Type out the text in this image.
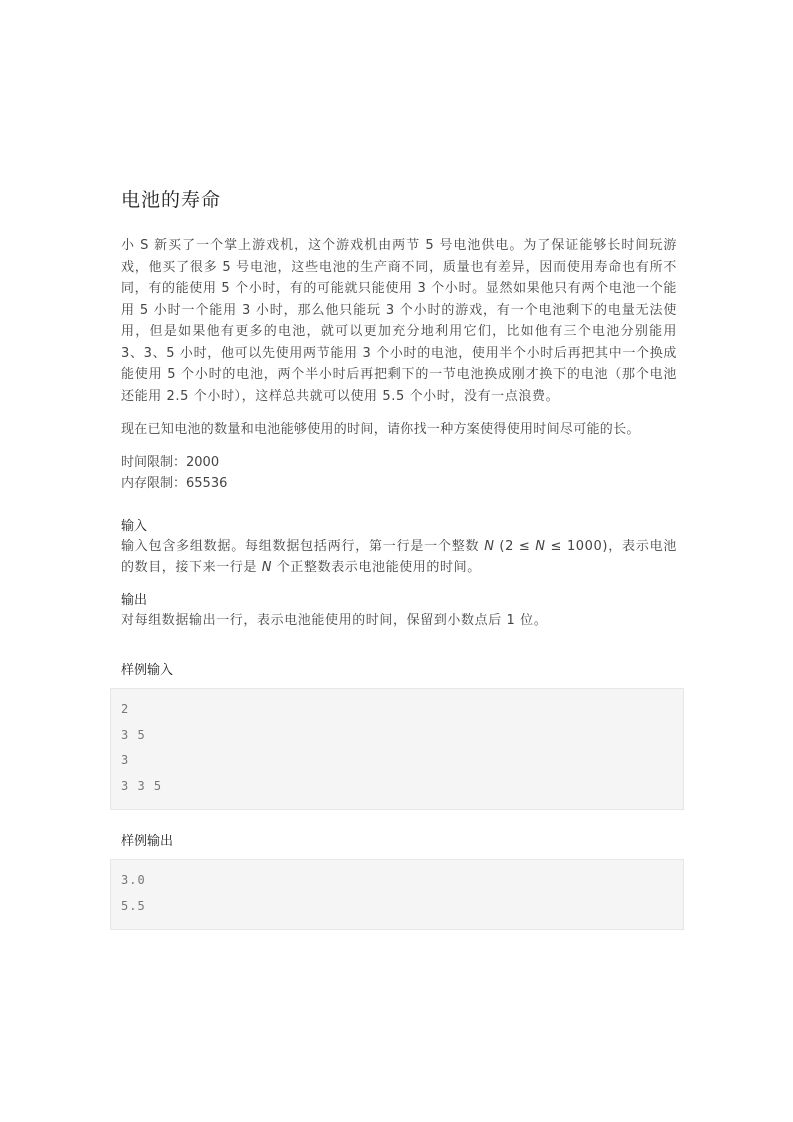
电池的寿命
小 S 新买了一个掌上游戏机，这个游戏机由两节 5 号电池供电。为了保证能够长时间玩游戏，他买了很多 5 号电池，这些电池的生产商不同，质量也有差异，因而使用寿命也有所不同，有的能使用 5 个小时，有的可能就只能使用 3 个小时。显然如果他只有两个电池一个能用 5 小时一个能用 3 小时，那么他只能玩 3 个小时的游戏，有一个电池剩下的电量无法使用，但是如果他有更多的电池，就可以更加充分地利用它们，比如他有三个电池分别能用 3、3、5 小时，他可以先使用两节能用 3 个小时的电池，使用半个小时后再把其中一个换成能使用 5 个小时的电池，两个半小时后再把剩下的一节电池换成刚才换下的电池（那个电池还能用 2.5 个小时），这样总共就可以使用 5.5 个小时，没有一点浪费。
现在已知电池的数量和电池能够使用的时间，请你找一种方案使得使用时间尽可能的长。
时间限制：2000
内存限制：65536
输入
输入包含多组数据。每组数据包括两行，第一行是一个整数 N (2 ≤ N ≤ 1000)，表示电池的数目，接下来一行是 N 个正整数表示电池能使用的时间。
输出
对每组数据输出一行，表示电池能使用的时间，保留到小数点后 1 位。
样例输入
2
3 5
3
3 3 5
样例输出
3.0
5.5
